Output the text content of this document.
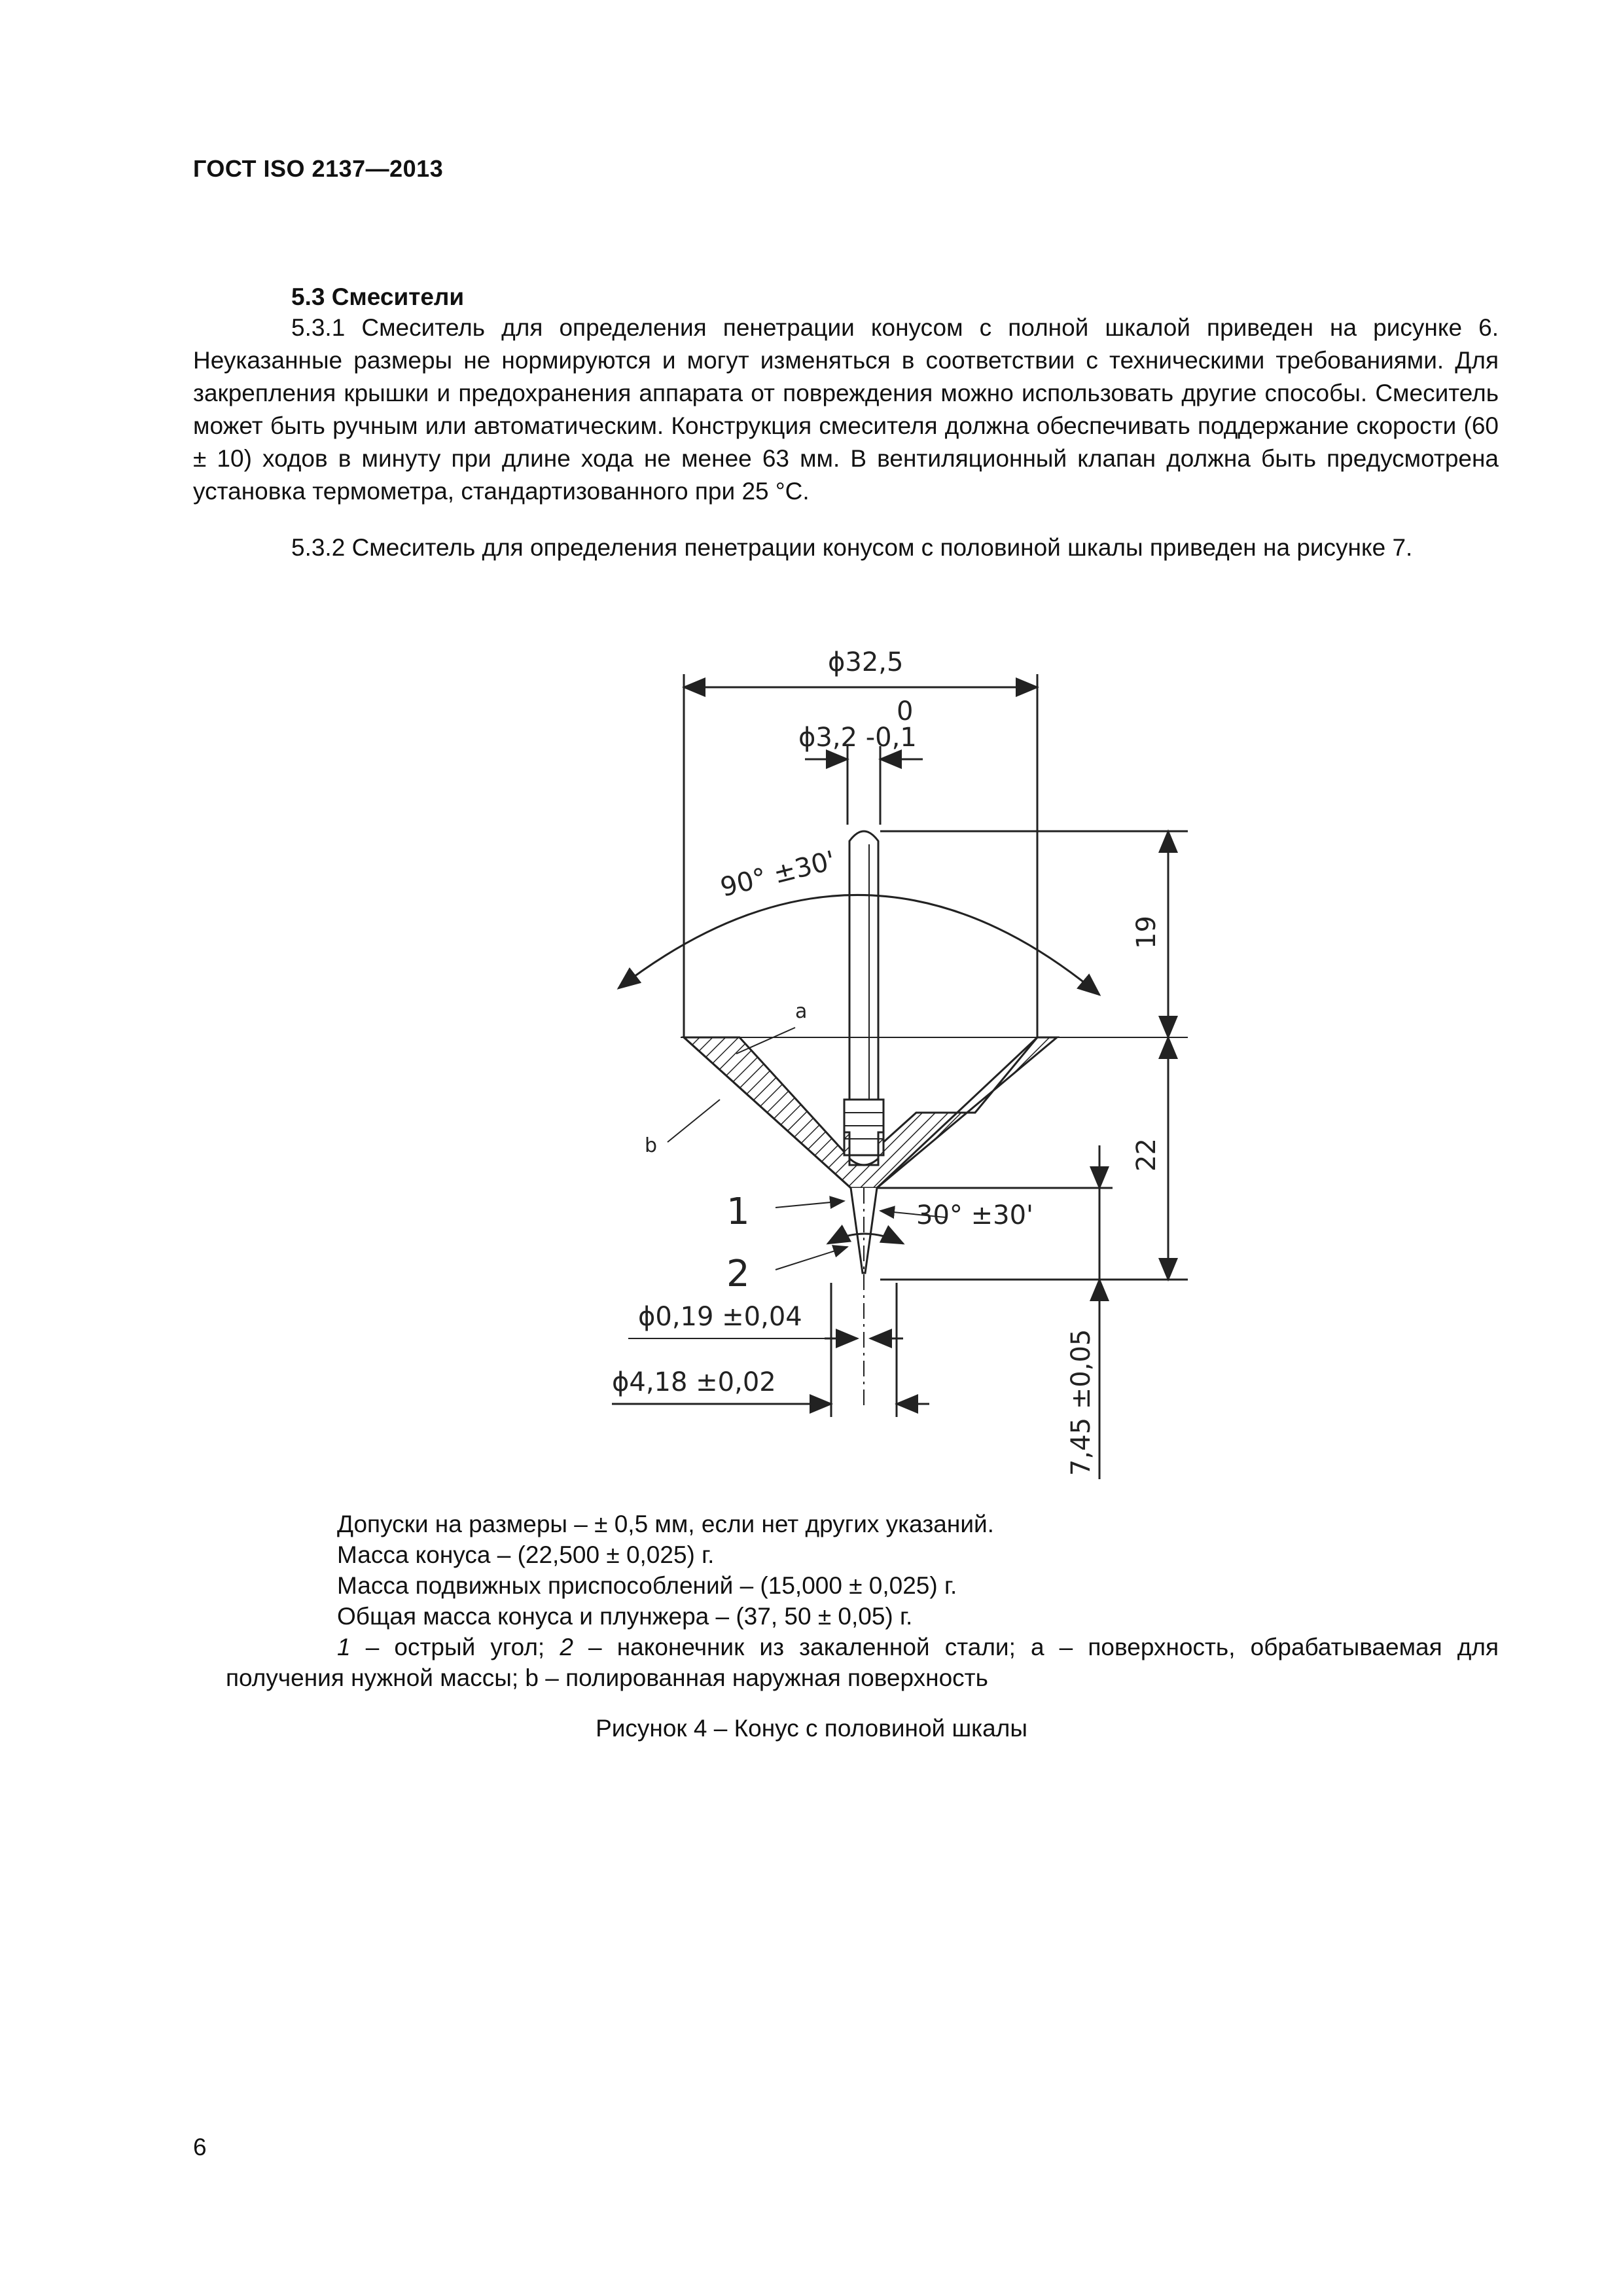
ГОСТ ISO 2137—2013
5.3 Смесители
5.3.1 Смеситель для определения пенетрации конусом с полной шкалой приведен на рисунке 6. Неуказанные размеры не нормируются и могут изменяться в соответствии с техническими требованиями. Для закрепления крышки и предохранения аппарата от повреждения можно использовать другие способы. Смеситель может быть ручным или автоматическим. Конструкция смесителя должна обеспечивать поддержание скорости (60 ± 10) ходов в минуту при длине хода не менее 63 мм. В вентиляционный клапан должна быть предусмотрена установка термометра, стандартизованного при 25 °С.
5.3.2 Смеситель для определения пенетрации конусом с половиной шкалы приведен на рисунке 7.
ϕ32,5
0
ϕ3,2 -0,1
90° ±30'
19
22
30° ±30'
ϕ0,19 ±0,04
ϕ4,18 ±0,02	7,45 ±0,05
a
b
1
2
Допуски на размеры – ± 0,5 мм, если нет других указаний.
Масса конуса – (22,500 ± 0,025) г.
Масса подвижных приспособлений – (15,000 ± 0,025) г.
Общая масса конуса и плунжера – (37, 50 ± 0,05) г.
1 – острый угол; 2 – наконечник из закаленной стали; а – поверхность, обрабатываемая для получения нужной массы; b – полированная наружная поверхность
Рисунок 4 – Конус с половиной шкалы
6
